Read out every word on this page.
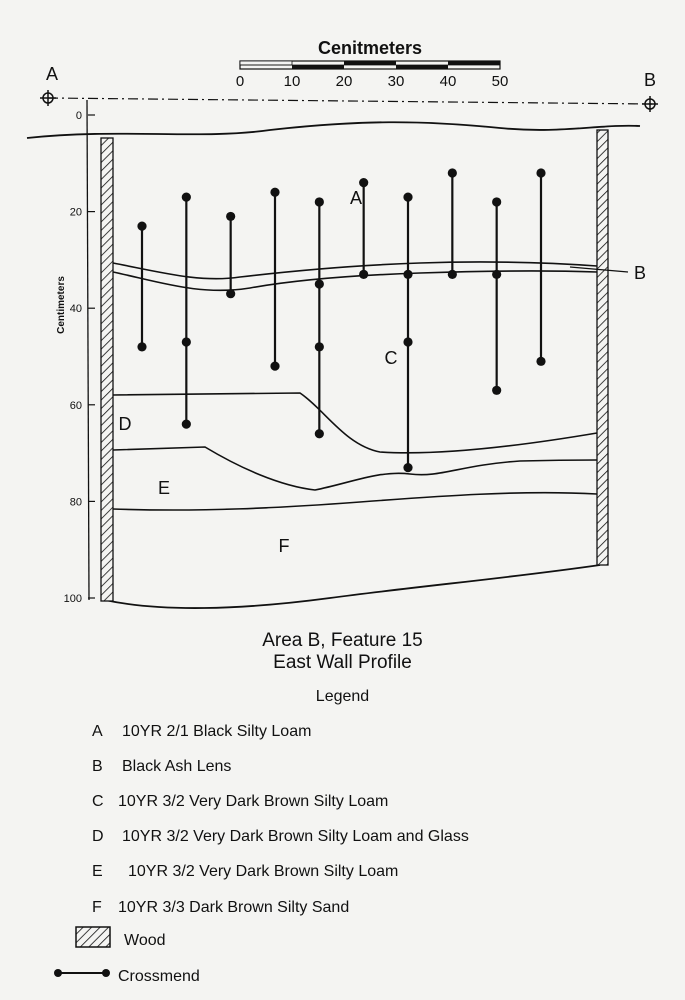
Cenitmeters
0	10 20 30 40 50
A	B
0
20
40
60
80
100
Centimeters
A
B
C
D
E
F
Area B, Feature 15
East Wall Profile
Legend
A 10YR 2/1 Black Silty Loam
B Black Ash Lens
C 10YR 3/2 Very Dark Brown Silty Loam
D 10YR 3/2 Very Dark Brown Silty Loam and Glass
E 10YR 3/2 Very Dark Brown Silty Loam
F 10YR 3/3 Dark Brown Silty Sand
Wood
Crossmend
